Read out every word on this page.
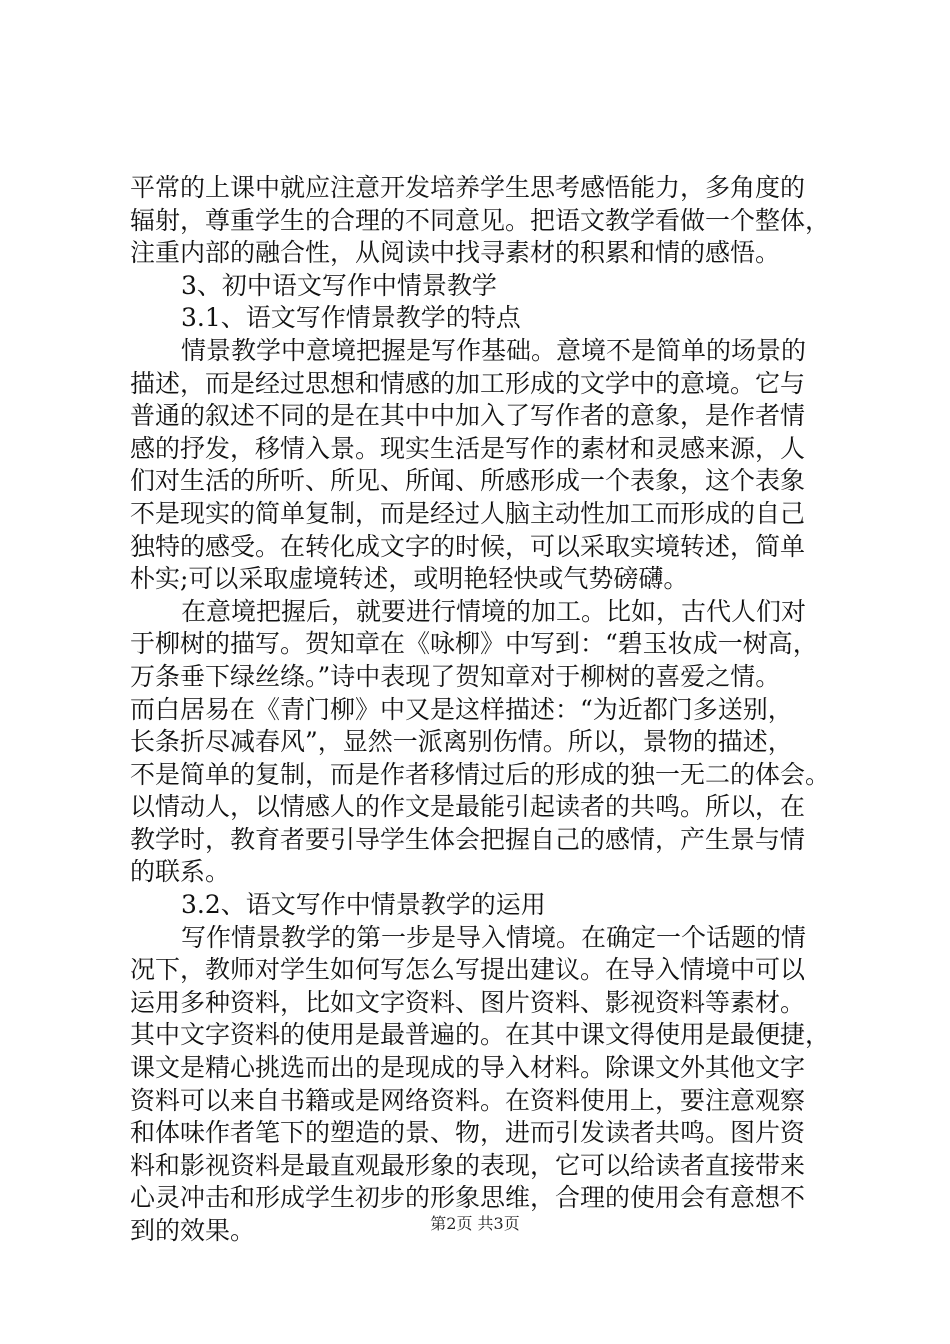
平常的上课中就应注意开发培养学生思考感悟能力，多角度的
辐射，尊重学生的合理的不同意见。把语文教学看做一个整体，
注重内部的融合性，从阅读中找寻素材的积累和情的感悟。
3、初中语文写作中情景教学
3.1、语文写作情景教学的特点
情景教学中意境把握是写作基础。意境不是简单的场景的
描述，而是经过思想和情感的加工形成的文学中的意境。它与
普通的叙述不同的是在其中中加入了写作者的意象，是作者情
感的抒发，移情入景。现实生活是写作的素材和灵感来源，人
们对生活的所听、所见、所闻、所感形成一个表象，这个表象
不是现实的简单复制，而是经过人脑主动性加工而形成的自己
独特的感受。在转化成文字的时候，可以采取实境转述，简单
朴实;可以采取虚境转述，或明艳轻快或气势磅礴。
在意境把握后，就要进行情境的加工。比如，古代人们对
于柳树的描写。贺知章在《咏柳》中写到：“碧玉妆成一树高，
万条垂下绿丝绦。”诗中表现了贺知章对于柳树的喜爱之情。
而白居易在《青门柳》中又是这样描述：“为近都门多送别，
长条折尽减春风”，显然一派离别伤情。所以，景物的描述，
不是简单的复制，而是作者移情过后的形成的独一无二的体会。
以情动人，以情感人的作文是最能引起读者的共鸣。所以，在
教学时，教育者要引导学生体会把握自己的感情，产生景与情
的联系。
3.2、语文写作中情景教学的运用
写作情景教学的第一步是导入情境。在确定一个话题的情
况下，教师对学生如何写怎么写提出建议。在导入情境中可以
运用多种资料，比如文字资料、图片资料、影视资料等素材。
其中文字资料的使用是最普遍的。在其中课文得使用是最便捷，
课文是精心挑选而出的是现成的导入材料。除课文外其他文字
资料可以来自书籍或是网络资料。在资料使用上，要注意观察
和体味作者笔下的塑造的景、物，进而引发读者共鸣。图片资
料和影视资料是最直观最形象的表现，它可以给读者直接带来
心灵冲击和形成学生初步的形象思维，合理的使用会有意想不
到的效果。	第2页 共3页
